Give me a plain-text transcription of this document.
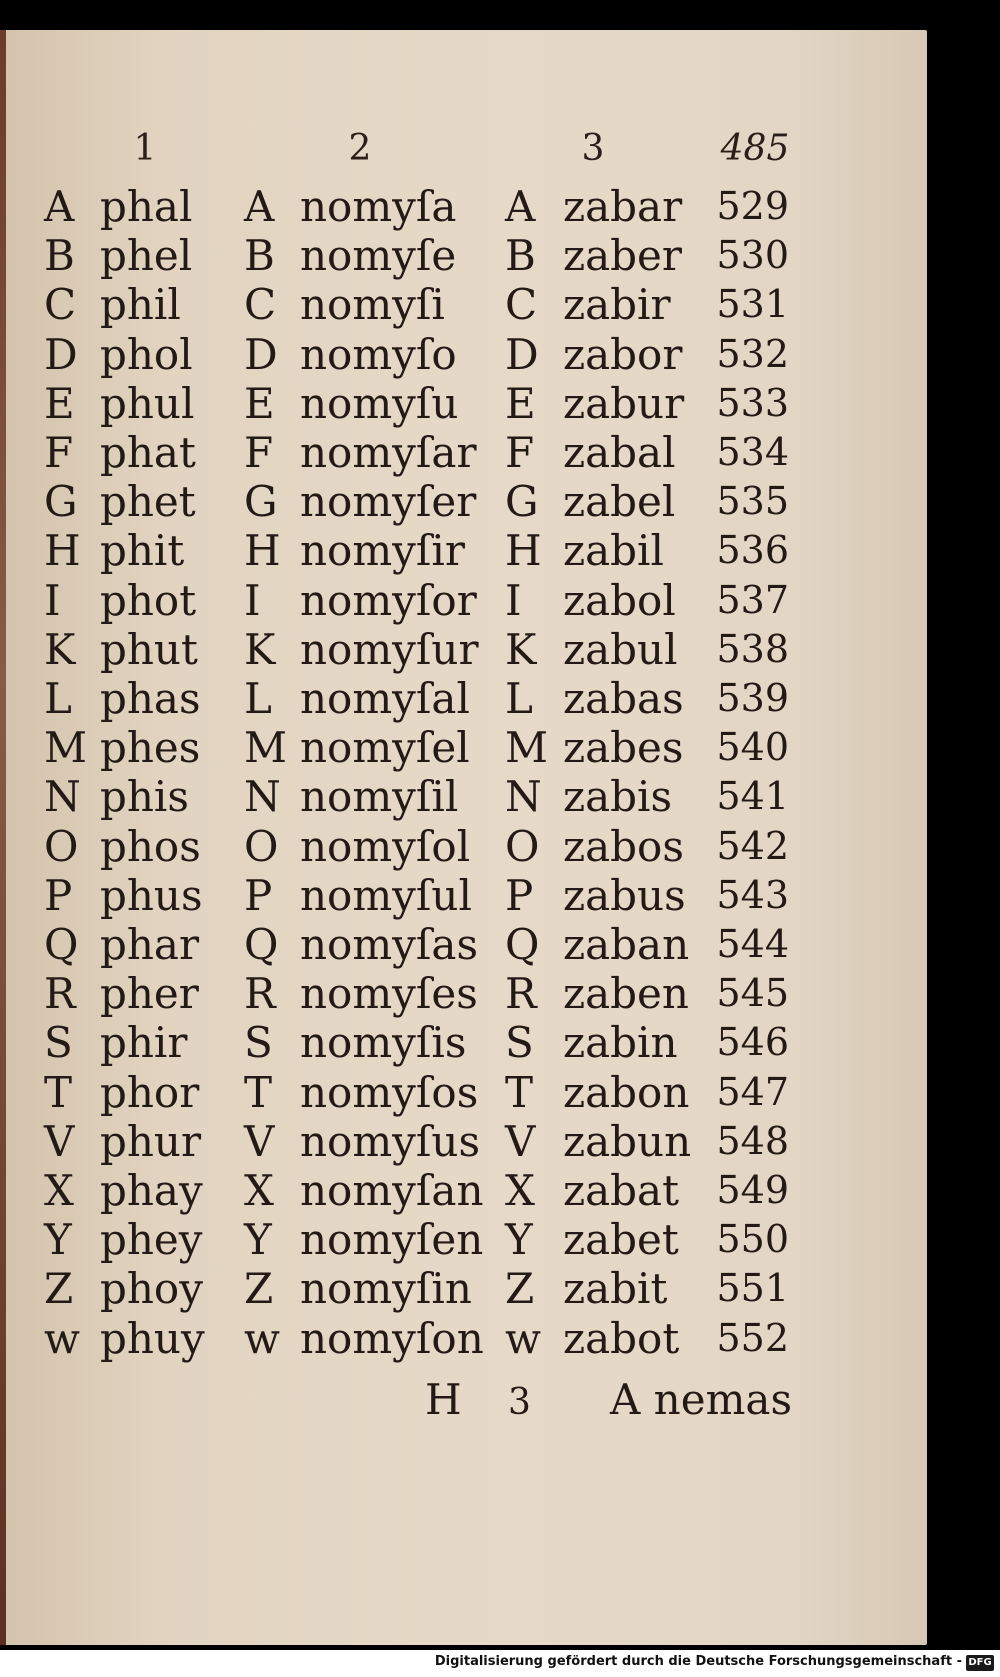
1	2	3	485
A phal A nomyſa A zabar 529
B phel B nomyſe B zaber 530
C phil C nomyſi C zabir 531
D phol D nomyſo D zabor 532
E phul E nomyſu E zabur 533
F phat F nomyſar F zabal 534
G phet G nomyſer G zabel 535
H phit H nomyſir H zabil 536
I phot I nomyſor I zabol 537
K phut K nomyſur K zabul 538
L phas L nomyſal L zabas 539
M phes M nomyſel M zabes 540
N phis N nomyſil N zabis 541
O phos O nomyſol O zabos 542
P phus P nomyſul P zabus 543
Q phar Q nomyſas Q zaban 544
R pher R nomyſes R zaben 545
S phir S nomyſis S zabin 546
T phor T nomyſos T zabon 547
V phur V nomyſus V zabun 548
X phay X nomyſan X zabat 549
Y phey Y nomyſen Y zabet 550
Z phoy Z nomyſin Z zabit 551
w phuy w nomyſon w zabot 552
H 3 A nemas
Digitalisierung gefördert durch die Deutsche Forschungsgemeinschaft - DFG
